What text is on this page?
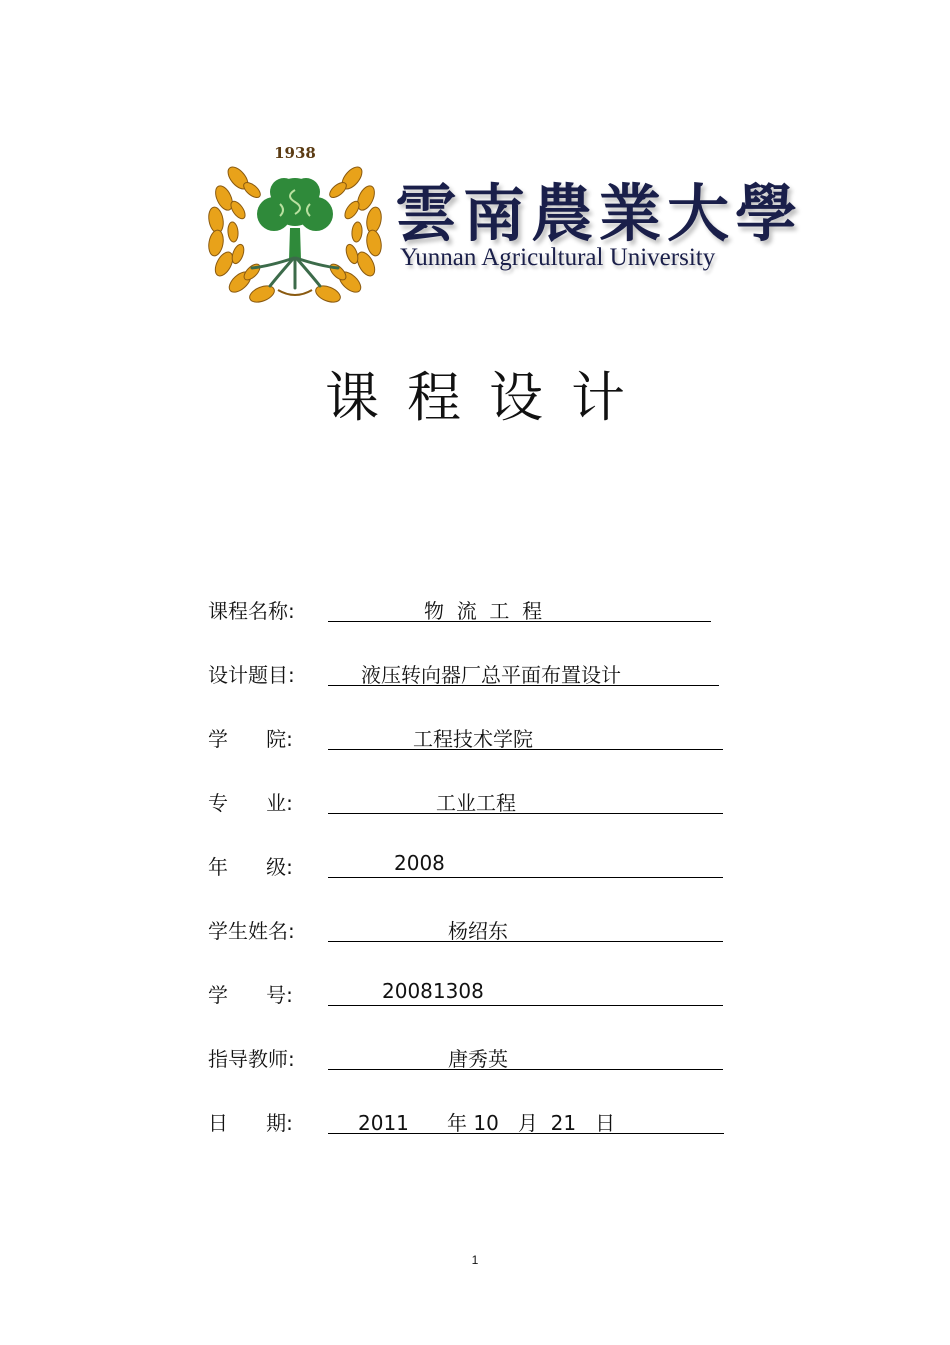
1938
雲南農業大學
Yunnan Agricultural University
课程设计
课程名称:	物  流  工  程
设计题目:	液压转向器厂总平面布置设计
学      院:	工程技术学院
专      业:	工业工程
年      级:	2008
学生姓名:	杨绍东
学      号:	20081308
指导教师:	唐秀英
日      期:	2011      年 10   月  21   日
1
